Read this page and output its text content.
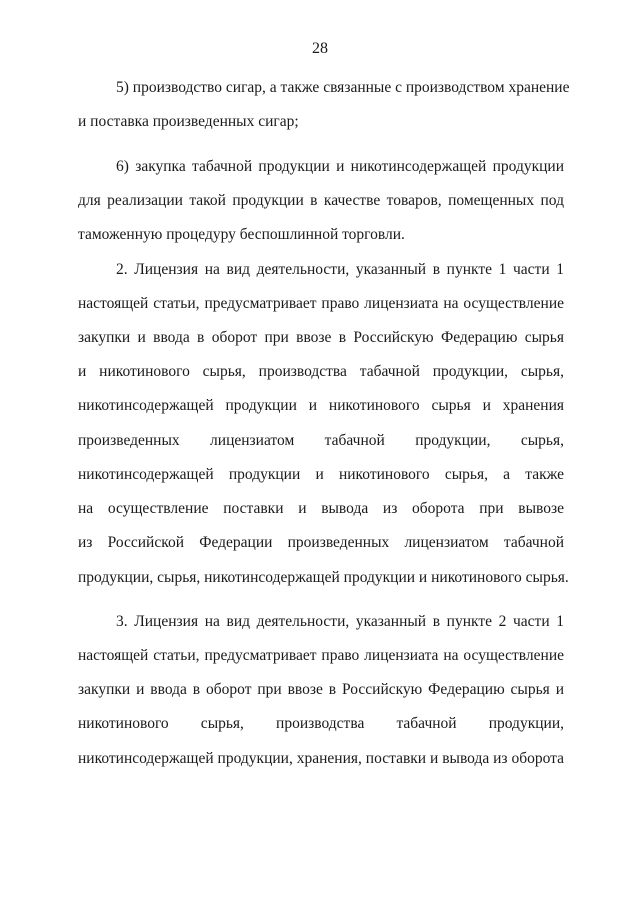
28
5) производство сигар, а также связанные с производством хранение
и поставка произведенных сигар;
6) закупка табачной продукции и никотинсодержащей продукции
для реализации такой продукции в качестве товаров, помещенных под
таможенную процедуру беспошлинной торговли.
2. Лицензия на вид деятельности, указанный в пункте 1 части 1
настоящей статьи, предусматривает право лицензиата на осуществление
закупки и ввода в оборот при ввозе в Российскую Федерацию сырья
и никотинового сырья, производства табачной продукции, сырья,
никотинсодержащей продукции и никотинового сырья и хранения
произведенных лицензиатом табачной продукции, сырья,
никотинсодержащей продукции и никотинового сырья, а также
на осуществление поставки и вывода из оборота при вывозе
из Российской Федерации произведенных лицензиатом табачной
продукции, сырья, никотинсодержащей продукции и никотинового сырья.
3. Лицензия на вид деятельности, указанный в пункте 2 части 1
настоящей статьи, предусматривает право лицензиата на осуществление
закупки и ввода в оборот при ввозе в Российскую Федерацию сырья и
никотинового сырья, производства табачной продукции,
никотинсодержащей продукции, хранения, поставки и вывода из оборота
